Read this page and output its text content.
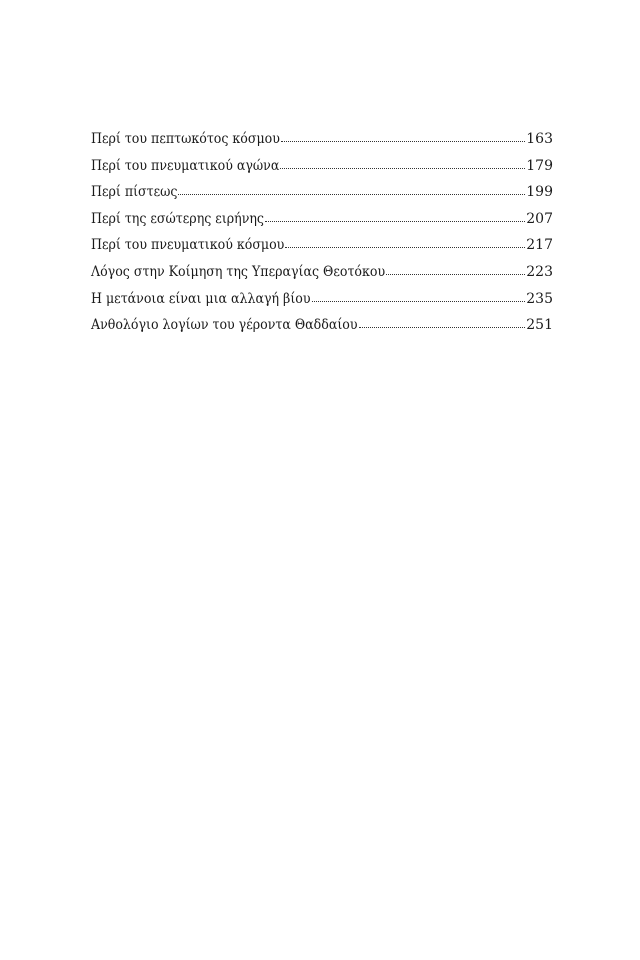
Περί του πεπτωκότος κόσμου	163
Περί του πνευματικού αγώνα	179
Περί πίστεως	199
Περί της εσώτερης ειρήνης	207
Περί του πνευματικού κόσμου	217
Λόγος στην Κοίμηση της Υπεραγίας Θεοτόκου	223
Η μετάνοια είναι μια αλλαγή βίου	235
Ανθολόγιο λογίων του γέροντα Θαδδαίου	251
